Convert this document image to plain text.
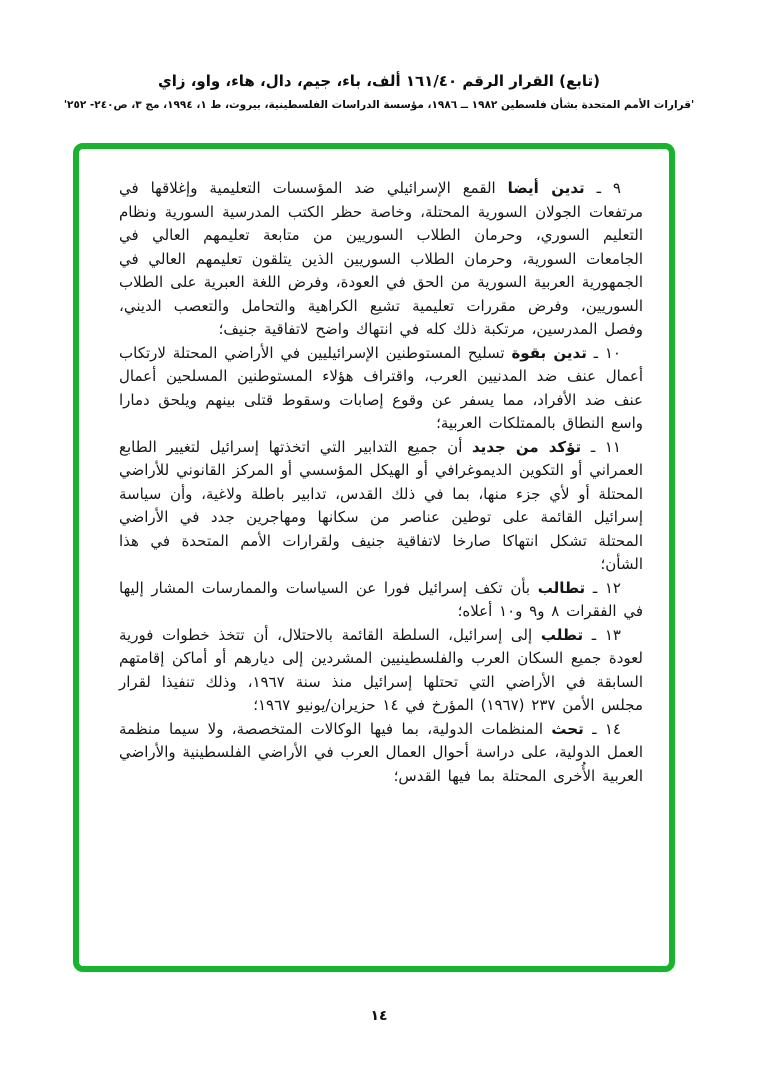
(تابع) القرار الرقم ١٦١/٤٠ ألف، باء، جيم، دال، هاء، واو، زاي
'قرارات الأمم المتحدة بشأن فلسطين ١٩٨٢ ــ ١٩٨٦، مؤسسة الدراسات الفلسطينية، بيروت، ط ١، ١٩٩٤، مج ٣، ص٢٤٠- ٢٥٢'

٩ ـ تدين أيضا القمع الإسرائيلي ضد المؤسسات التعليمية وإغلاقها في مرتفعات الجولان السورية المحتلة، وخاصة حظر الكتب المدرسية السورية ونظام التعليم السوري، وحرمان الطلاب السوريين من متابعة تعليمهم العالي في الجامعات السورية، وحرمان الطلاب السوريين الذين يتلقون تعليمهم العالي في الجمهورية العربية السورية من الحق في العودة، وفرض اللغة العبرية على الطلاب السوريين، وفرض مقررات تعليمية تشيع الكراهية والتحامل والتعصب الديني، وفصل المدرسين، مرتكبة ذلك كله في انتهاك واضح لاتفاقية جنيف؛

١٠ ـ تدين بقوة تسليح المستوطنين الإسرائيليين في الأراضي المحتلة لارتكاب أعمال عنف ضد المدنيين العرب، واقتراف هؤلاء المستوطنين المسلحين أعمال عنف ضد الأفراد، مما يسفر عن وقوع إصابات وسقوط قتلى بينهم ويلحق دمارا واسع النطاق بالممتلكات العربية؛

١١ ـ تؤكد من جديد أن جميع التدابير التي اتخذتها إسرائيل لتغيير الطابع العمراني أو التكوين الديموغرافي أو الهيكل المؤسسي أو المركز القانوني للأراضي المحتلة أو لأي جزء منها، بما في ذلك القدس، تدابير باطلة ولاغية، وأن سياسة إسرائيل القائمة على توطين عناصر من سكانها ومهاجرين جدد في الأراضي المحتلة تشكل انتهاكا صارخا لاتفاقية جنيف ولقرارات الأمم المتحدة في هذا الشأن؛

١٢ ـ تطالب بأن تكف إسرائيل فورا عن السياسات والممارسات المشار إليها في الفقرات ٨ و٩ و١٠ أعلاه؛

١٣ ـ تطلب إلى إسرائيل، السلطة القائمة بالاحتلال، أن تتخذ خطوات فورية لعودة جميع السكان العرب والفلسطينيين المشردين إلى ديارهم أو أماكن إقامتهم السابقة في الأراضي التي تحتلها إسرائيل منذ سنة ١٩٦٧، وذلك تنفيذا لقرار مجلس الأمن ٢٣٧ (١٩٦٧) المؤرخ في ١٤ حزيران/يونيو ١٩٦٧؛

١٤ ـ تحث المنظمات الدولية، بما فيها الوكالات المتخصصة، ولا سيما منظمة العمل الدولية، على دراسة أحوال العمال العرب في الأراضي الفلسطينية والأراضي العربية الأُخرى المحتلة بما فيها القدس؛

١٤
